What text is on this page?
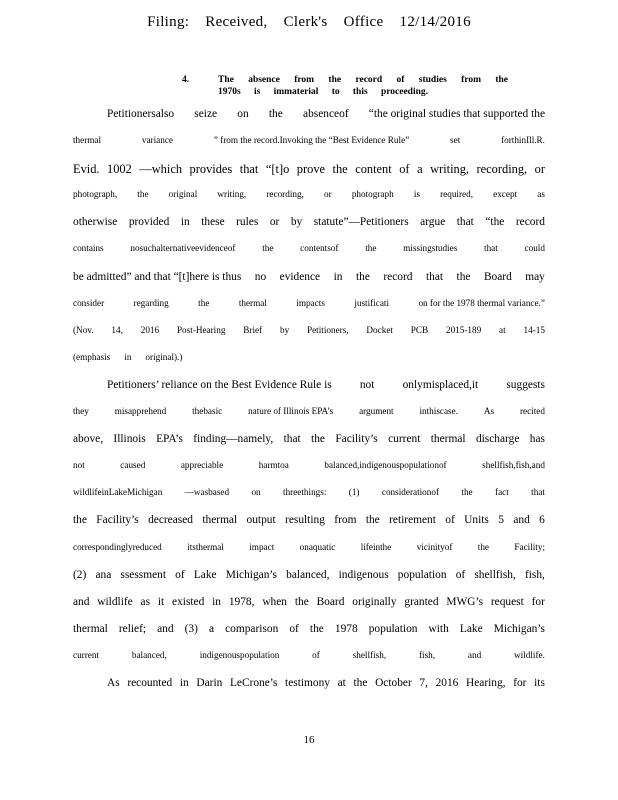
Filing: Received, Clerk's Office 12/14/2016
4.	The absence from the record of studies from the
1970s is immaterial to this proceeding.
Petitionersalso seize on the absenceof “the original studies that supported the
thermal	variance	” from the record.Invoking the “Best Evidence Rule”	set	forthinIll.R.
Evid. 1002 —which provides that “[t]o prove the content of a writing, recording, or
photograph, the original writing, recording, or photograph is required, except as
otherwise provided in these rules or by statute”—Petitioners argue that “the record
contains	nosuchalternativeevidenceof	the	contentsof	the	missingstudies	that	could
be admitted” and that “[t]here is thus no evidence in the record that the Board may
consider	regarding	the	thermal	impacts	justificati	on for the 1978 thermal variance.”
(Nov. 14, 2016 Post-Hearing Brief by Petitioners, Docket PCB 2015-189 at 14-15
(emphasis in original).)
Petitioners’ reliance on the Best Evidence Rule is not onlymisplaced,it suggests
they	misapprehend	thebasic	nature of Illinois EPA’s	argument	inthiscase.	As	recited
above, Illinois EPA’s finding—namely, that the Facility’s current thermal discharge has
not	caused	appreciable	harmtoa	balanced,indigenouspopulationof	shellfish,fish,and
wildlifeinLakeMichigan —wasbased on threethings: (1) considerationof the fact that
the Facility’s decreased thermal output resulting from the retirement of Units 5 and 6
correspondinglyreduced	itsthermal	impact	onaquatic	lifeinthe	vicinityof	the	Facility;
(2) ana ssessment of Lake Michigan’s balanced, indigenous population of shellfish, fish,
and wildlife as it existed in 1978, when the Board originally granted MWG’s request for
thermal relief; and (3) a comparison of the 1978 population with Lake Michigan’s
current	balanced,	indigenouspopulation	of	shellfish,	fish,	and	wildlife.
As recounted in Darin LeCrone’s testimony at the October 7, 2016 Hearing, for its
16
